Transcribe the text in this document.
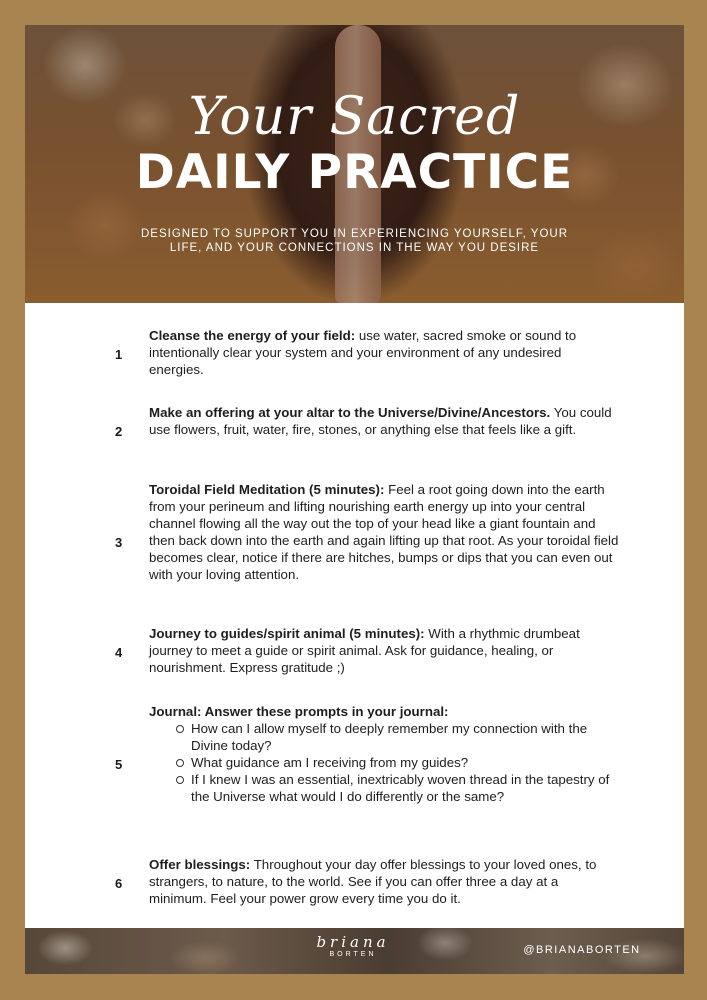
Your Sacred
DAILY PRACTICE
DESIGNED TO SUPPORT YOU IN EXPERIENCING YOURSELF, YOUR LIFE, AND YOUR CONNECTIONS IN THE WAY YOU DESIRE
1
Cleanse the energy of your field: use water, sacred smoke or sound to intentionally clear your system and your environment of any undesired energies.
2
Make an offering at your altar to the Universe/Divine/Ancestors. You could use flowers, fruit, water, fire, stones, or anything else that feels like a gift.
3
Toroidal Field Meditation (5 minutes): Feel a root going down into the earth from your perineum and lifting nourishing earth energy up into your central channel flowing all the way out the top of your head like a giant fountain and then back down into the earth and again lifting up that root. As your toroidal field becomes clear, notice if there are hitches, bumps or dips that you can even out with your loving attention.
4
Journey to guides/spirit animal (5 minutes): With a rhythmic drumbeat journey to meet a guide or spirit animal. Ask for guidance, healing, or nourishment. Express gratitude ;)
5
Journal: Answer these prompts in your journal:
How can I allow myself to deeply remember my connection with the Divine today?
What guidance am I receiving from my guides?
If I knew I was an essential, inextricably woven thread in the tapestry of the Universe what would I do differently or the same?
6
Offer blessings: Throughout your day offer blessings to your loved ones, to strangers, to nature, to the world. See if you can offer three a day at a minimum. Feel your power grow every time you do it.
briana
BORTEN	@BRIANABORTEN
